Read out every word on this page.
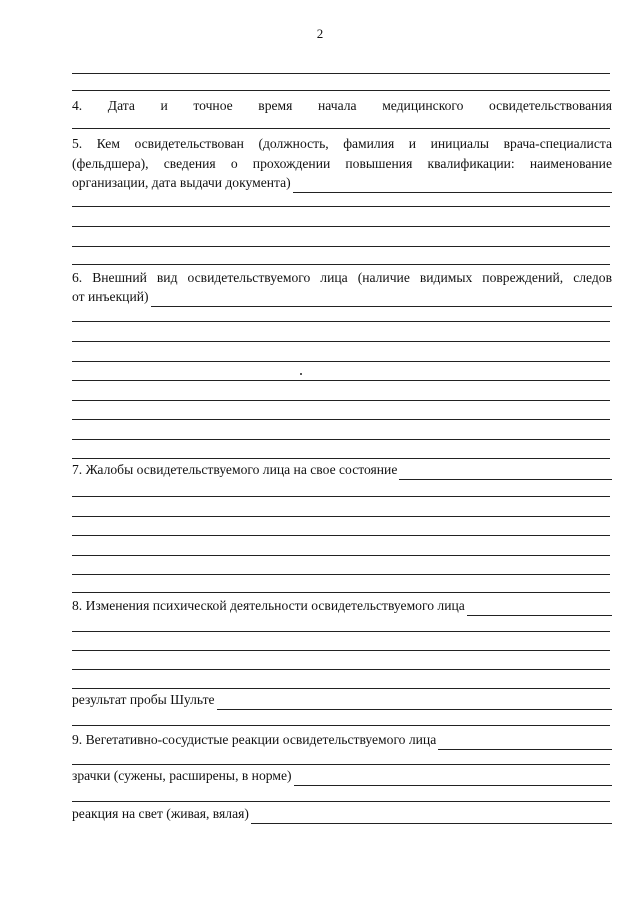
2
4. Дата и точное время начала медицинского освидетельствования
5. Кем освидетельствован (должность, фамилия и инициалы врача-специалиста
(фельдшера), сведения о прохождении повышения квалификации: наименование
организации, дата выдачи документа)
6. Внешний вид освидетельствуемого лица (наличие видимых повреждений, следов
от инъекций)
7. Жалобы освидетельствуемого лица на свое состояние
8. Изменения психической деятельности освидетельствуемого лица
результат пробы Шульте
9. Вегетативно-сосудистые реакции освидетельствуемого лица
зрачки (сужены, расширены, в норме)
реакция на свет (живая, вялая)
